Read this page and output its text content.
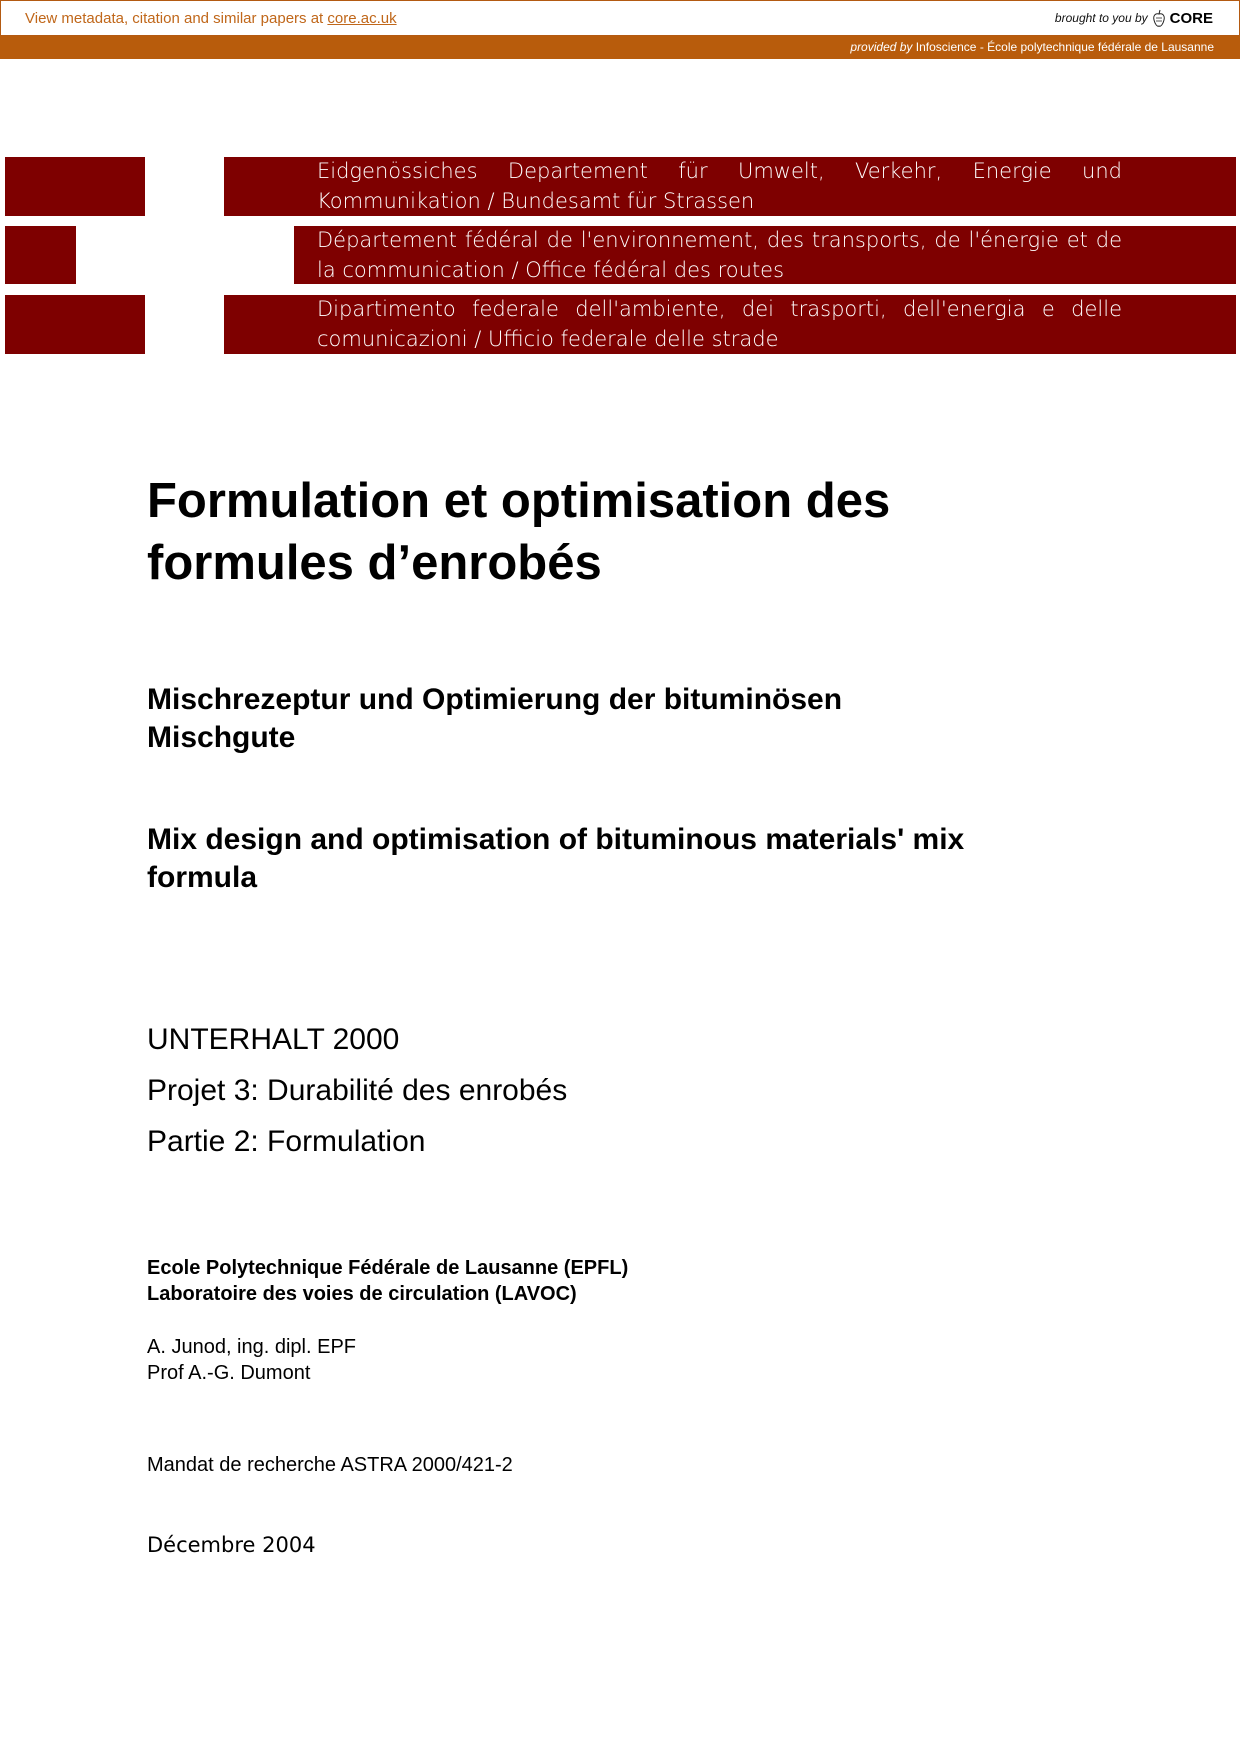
View metadata, citation and similar papers at core.ac.uk	brought to you by CORE
provided by Infoscience - École polytechnique fédérale de Lausanne
Eidgenössiches Departement für Umwelt, Verkehr, Energie und
Kommunikation / Bundesamt für Strassen
Département fédéral de l'environnement, des transports, de l'énergie et de
la communication / Office fédéral des routes
Dipartimento federale dell'ambiente, dei trasporti, dell'energia e delle
comunicazioni / Ufficio federale delle strade
Formulation et optimisation des
formules d’enrobés
Mischrezeptur und Optimierung der bituminösen
Mischgute
Mix design and optimisation of bituminous materials' mix
formula
UNTERHALT 2000
Projet 3: Durabilité des enrobés
Partie 2: Formulation
Ecole Polytechnique Fédérale de Lausanne (EPFL)
Laboratoire des voies de circulation (LAVOC)
A. Junod, ing. dipl. EPF
Prof A.-G. Dumont
Mandat de recherche ASTRA 2000/421-2
Décembre 2004
